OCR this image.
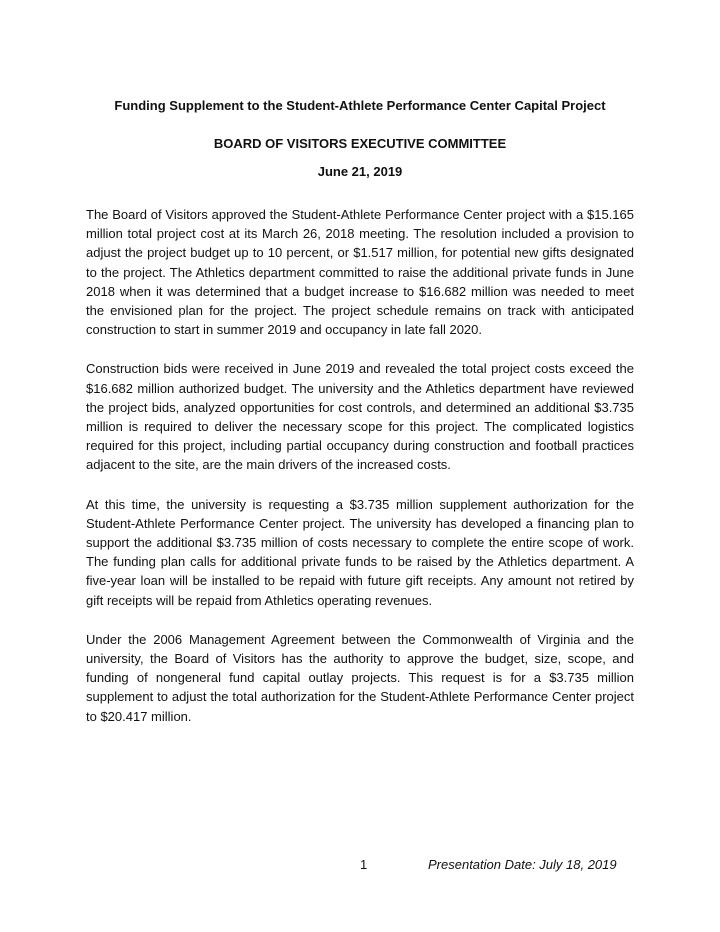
Funding Supplement to the Student-Athlete Performance Center Capital Project
BOARD OF VISITORS EXECUTIVE COMMITTEE
June 21, 2019

The Board of Visitors approved the Student-Athlete Performance Center project with a $15.165 million total project cost at its March 26, 2018 meeting. The resolution included a provision to adjust the project budget up to 10 percent, or $1.517 million, for potential new gifts designated to the project. The Athletics department committed to raise the additional private funds in June 2018 when it was determined that a budget increase to $16.682 million was needed to meet the envisioned plan for the project. The project schedule remains on track with anticipated construction to start in summer 2019 and occupancy in late fall 2020.

Construction bids were received in June 2019 and revealed the total project costs exceed the $16.682 million authorized budget. The university and the Athletics department have reviewed the project bids, analyzed opportunities for cost controls, and determined an additional $3.735 million is required to deliver the necessary scope for this project. The complicated logistics required for this project, including partial occupancy during construction and football practices adjacent to the site, are the main drivers of the increased costs.

At this time, the university is requesting a $3.735 million supplement authorization for the Student-Athlete Performance Center project. The university has developed a financing plan to support the additional $3.735 million of costs necessary to complete the entire scope of work. The funding plan calls for additional private funds to be raised by the Athletics department. A five-year loan will be installed to be repaid with future gift receipts. Any amount not retired by gift receipts will be repaid from Athletics operating revenues.

Under the 2006 Management Agreement between the Commonwealth of Virginia and the university, the Board of Visitors has the authority to approve the budget, size, scope, and funding of nongeneral fund capital outlay projects. This request is for a $3.735 million supplement to adjust the total authorization for the Student-Athlete Performance Center project to $20.417 million.

1	Presentation Date: July 18, 2019
